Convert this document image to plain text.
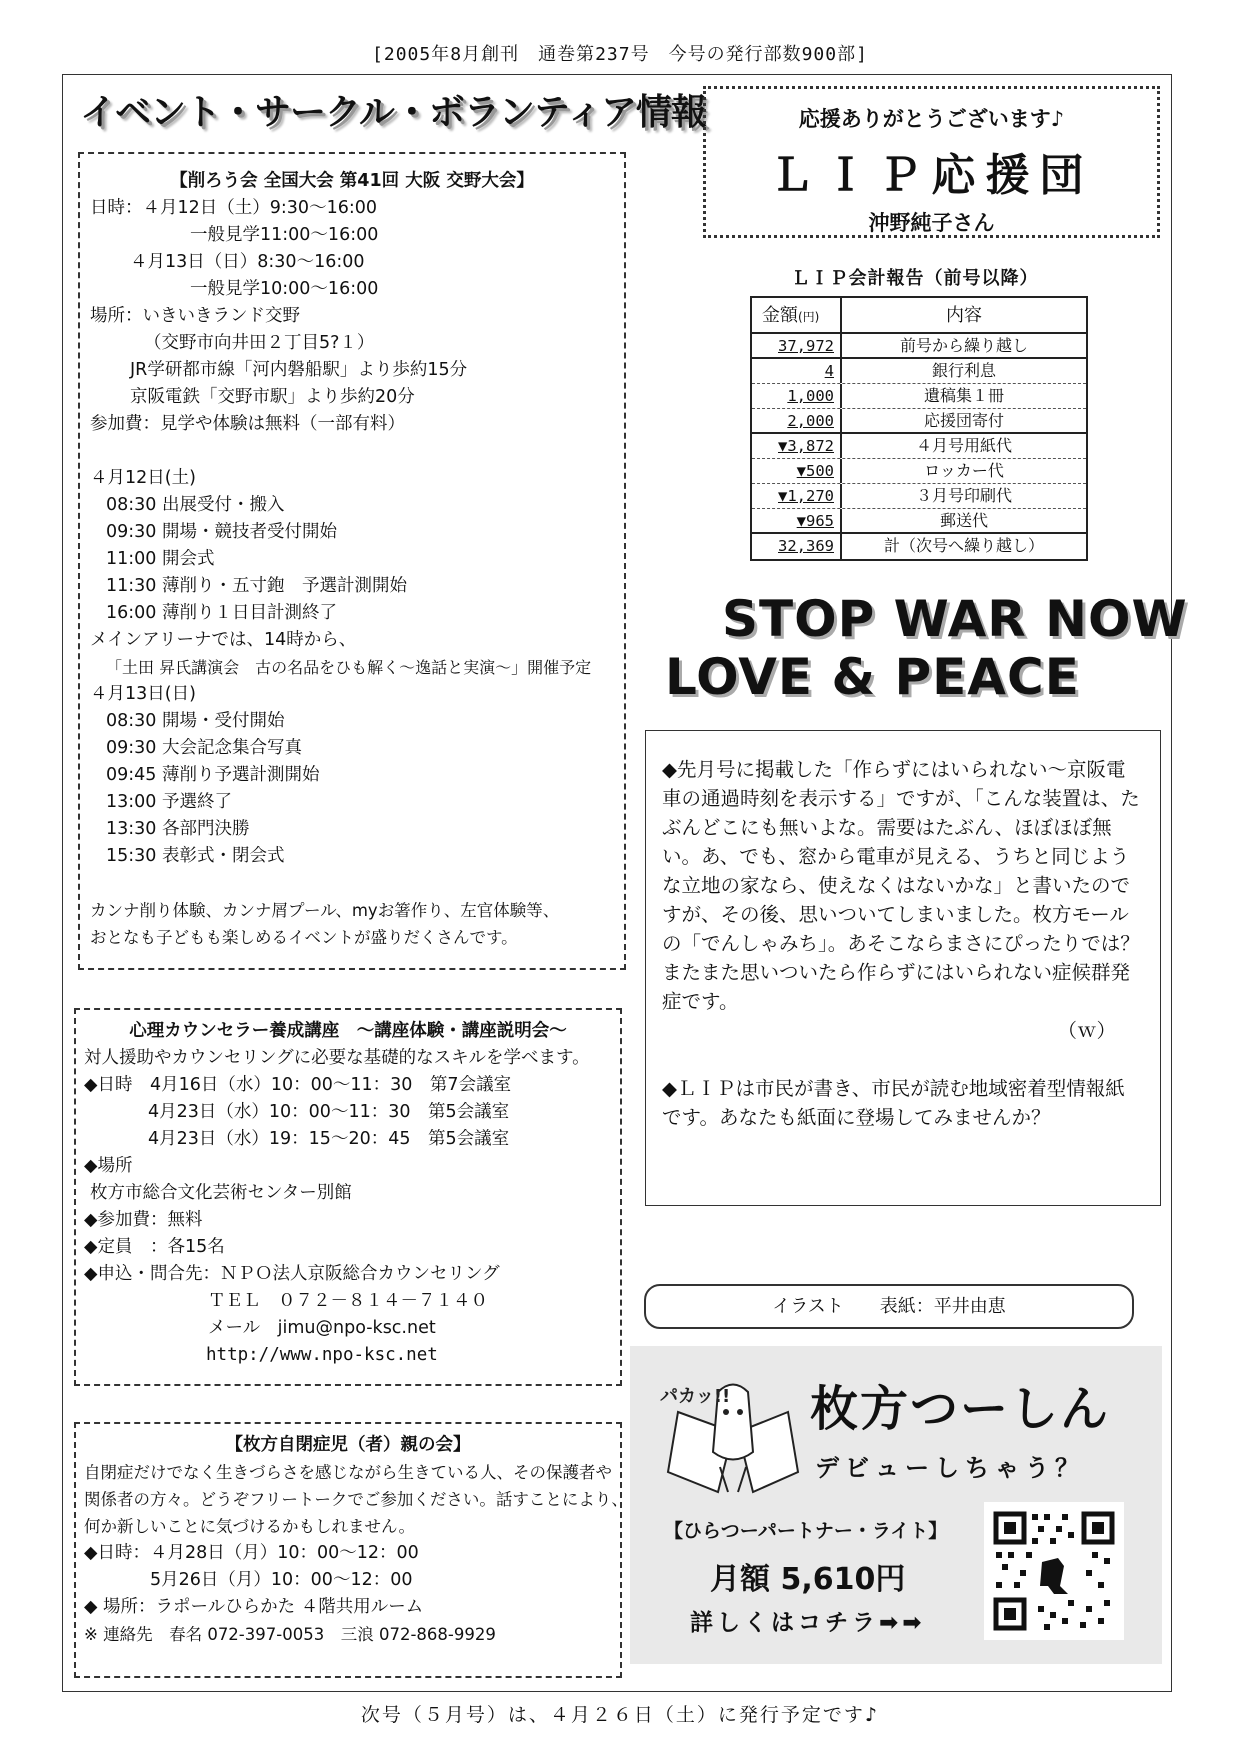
[2005年8月創刊　通巻第237号　今号の発行部数900部]
イベント・サークル・ボランティア情報
【削ろう会 全国大会 第41回 大阪 交野大会】
日時：４月12日（土）9:30～16:00
一般見学11:00～16:00
４月13日（日）8:30～16:00
一般見学10:00～16:00
場所：いきいきランド交野
（交野市向井田２丁目5?１）
JR学研都市線「河内磐船駅」より歩約15分
京阪電鉄「交野市駅」より歩約20分
参加費：見学や体験は無料（一部有料）
４月12日(土)
08:30 出展受付・搬入
09:30 開場・競技者受付開始
11:00 開会式
11:30 薄削り・五寸鉋　予選計測開始
16:00 薄削り１日目計測終了
メインアリーナでは、14時から、
「土田 昇氏講演会　古の名品をひも解く～逸話と実演～」開催予定
４月13日(日)
08:30 開場・受付開始
09:30 大会記念集合写真
09:45 薄削り予選計測開始
13:00 予選終了
13:30 各部門決勝
15:30 表彰式・閉会式
カンナ削り体験、カンナ屑プール、myお箸作り、左官体験等、
おとなも子どもも楽しめるイベントが盛りだくさんです。
心理カウンセラー養成講座　～講座体験・講座説明会～
対人援助やカウンセリングに必要な基礎的なスキルを学べます。
◆日時　4月16日（水）10：00～11：30　第7会議室
4月23日（水）10：00～11：30　第5会議室
4月23日（水）19：15～20：45　第5会議室
◆場所
枚方市総合文化芸術センター別館
◆参加費：無料
◆定員　：各15名
◆申込・問合先：ＮＰＯ法人京阪総合カウンセリング
ＴＥＬ　０７２－８１４－７１４０
メール　jimu@npo-ksc.net
http://www.npo-ksc.net
【枚方自閉症児（者）親の会】
自閉症だけでなく生きづらさを感じながら生きている人、その保護者や
関係者の方々。どうぞフリートークでご参加ください。話すことにより、
何か新しいことに気づけるかもしれません。
◆日時：４月28日（月）10：00～12：00
5月26日（月）10：00～12：00
◆ 場所：ラポールひらかた ４階共用ルーム
※ 連絡先　春名 072-397-0053　三浪 072-868-9929
応援ありがとうございます♪
ＬＩＰ応援団
沖野純子さん
ＬＩＰ会計報告（前号以降）
金額(円)	内容
37,972	前号から繰り越し
4	銀行利息
1,000	遺稿集１冊
2,000	応援団寄付
▼3,872	４月号用紙代
▼500	ロッカー代
▼1,270	３月号印刷代
▼965	郵送代
32,369	計（次号へ繰り越し）
STOP WAR NOW
LOVE & PEACE

◆先月号に掲載した「作らずにはいられない～京阪電車の通過時刻を表示する」ですが、「こんな装置は、たぶんどこにも無いよな。需要はたぶん、ほぼほぼ無い。あ、でも、窓から電車が見える、うちと同じような立地の家なら、使えなくはないかな」と書いたのですが、その後、思いついてしまいました。枚方モールの「でんしゃみち」。あそこならまさにぴったりでは？　またまた思いついたら作らずにはいられない症候群発症です。

（ｗ）

◆ＬＩＰは市民が書き、市民が読む地域密着型情報紙です。あなたも紙面に登場してみませんか？

イラスト　　表紙：平井由恵
パカッ!! 枚方つーしん
デビューしちゃう？
【ひらつーパートナー・ライト】
月額 5,610円
詳しくはコチラ➡➡
次号（５月号）は、４月２６日（土）に発行予定です♪
